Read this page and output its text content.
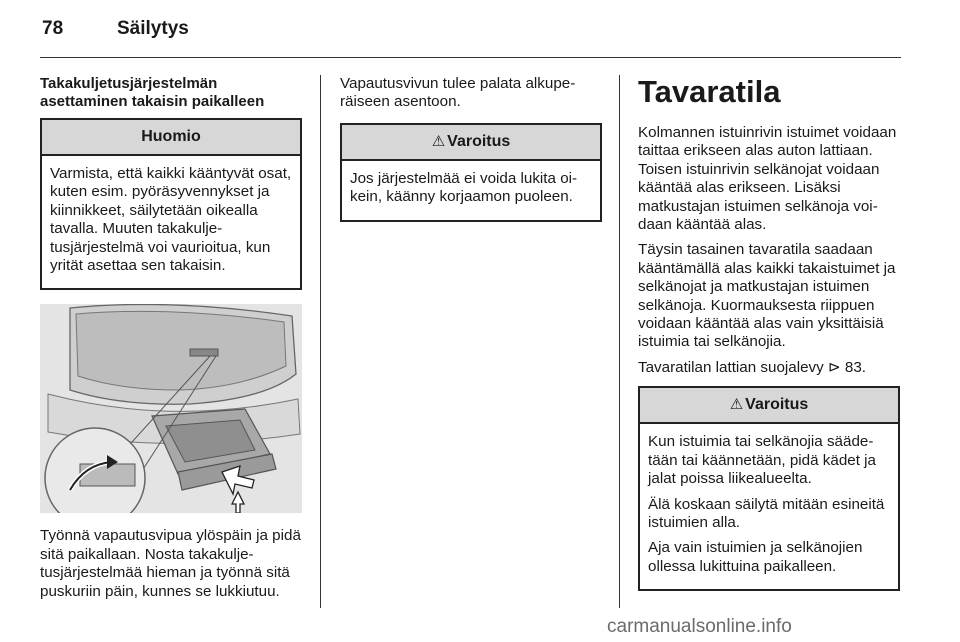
78	Säilytys
Takakuljetusjärjestelmän
asettaminen takaisin paikalleen
Huomio

Varmista, että kaikki kääntyvät osat, kuten esim. pyöräsyvennykset ja kiinnikkeet, säilytetään oikealla tavalla. Muuten takakuljetusjärjestelmä voi vaurioitua, kun yrität asettaa sen takaisin.

Työnnä vapautusvipua ylöspäin ja pidä sitä paikallaan. Nosta takakuljetusjärjestelmää hieman ja työnnä sitä puskuriin päin, kunnes se lukkiutuu.

Vapautusvivun tulee palata alkuperäiseen asentoon.

⚠ Varoitus

Jos järjestelmää ei voida lukita oikein, käänny korjaamon puoleen.

Tavaratila

Kolmannen istuinrivin istuimet voidaan taittaa erikseen alas auton lattiaan. Toisen istuinrivin selkänojat voidaan kääntää alas erikseen. Lisäksi matkustajan istuimen selkänoja voidaan kääntää alas.

Täysin tasainen tavaratila saadaan kääntämällä alas kaikki takaistuimet ja selkänojat ja matkustajan istuimen selkänoja. Kuormauksesta riippuen voidaan kääntää alas vain yksittäisiä istuimia tai selkänojia.

Tavaratilan lattian suojalevy ⊳ 83.

⚠ Varoitus

Kun istuimia tai selkänojia säädetään tai käännetään, pidä kädet ja jalat poissa liikealueelta.

Älä koskaan säilytä mitään esineitä istuimien alla.

Aja vain istuimien ja selkänojien ollessa lukittuina paikalleen.

carmanualsonline.info
